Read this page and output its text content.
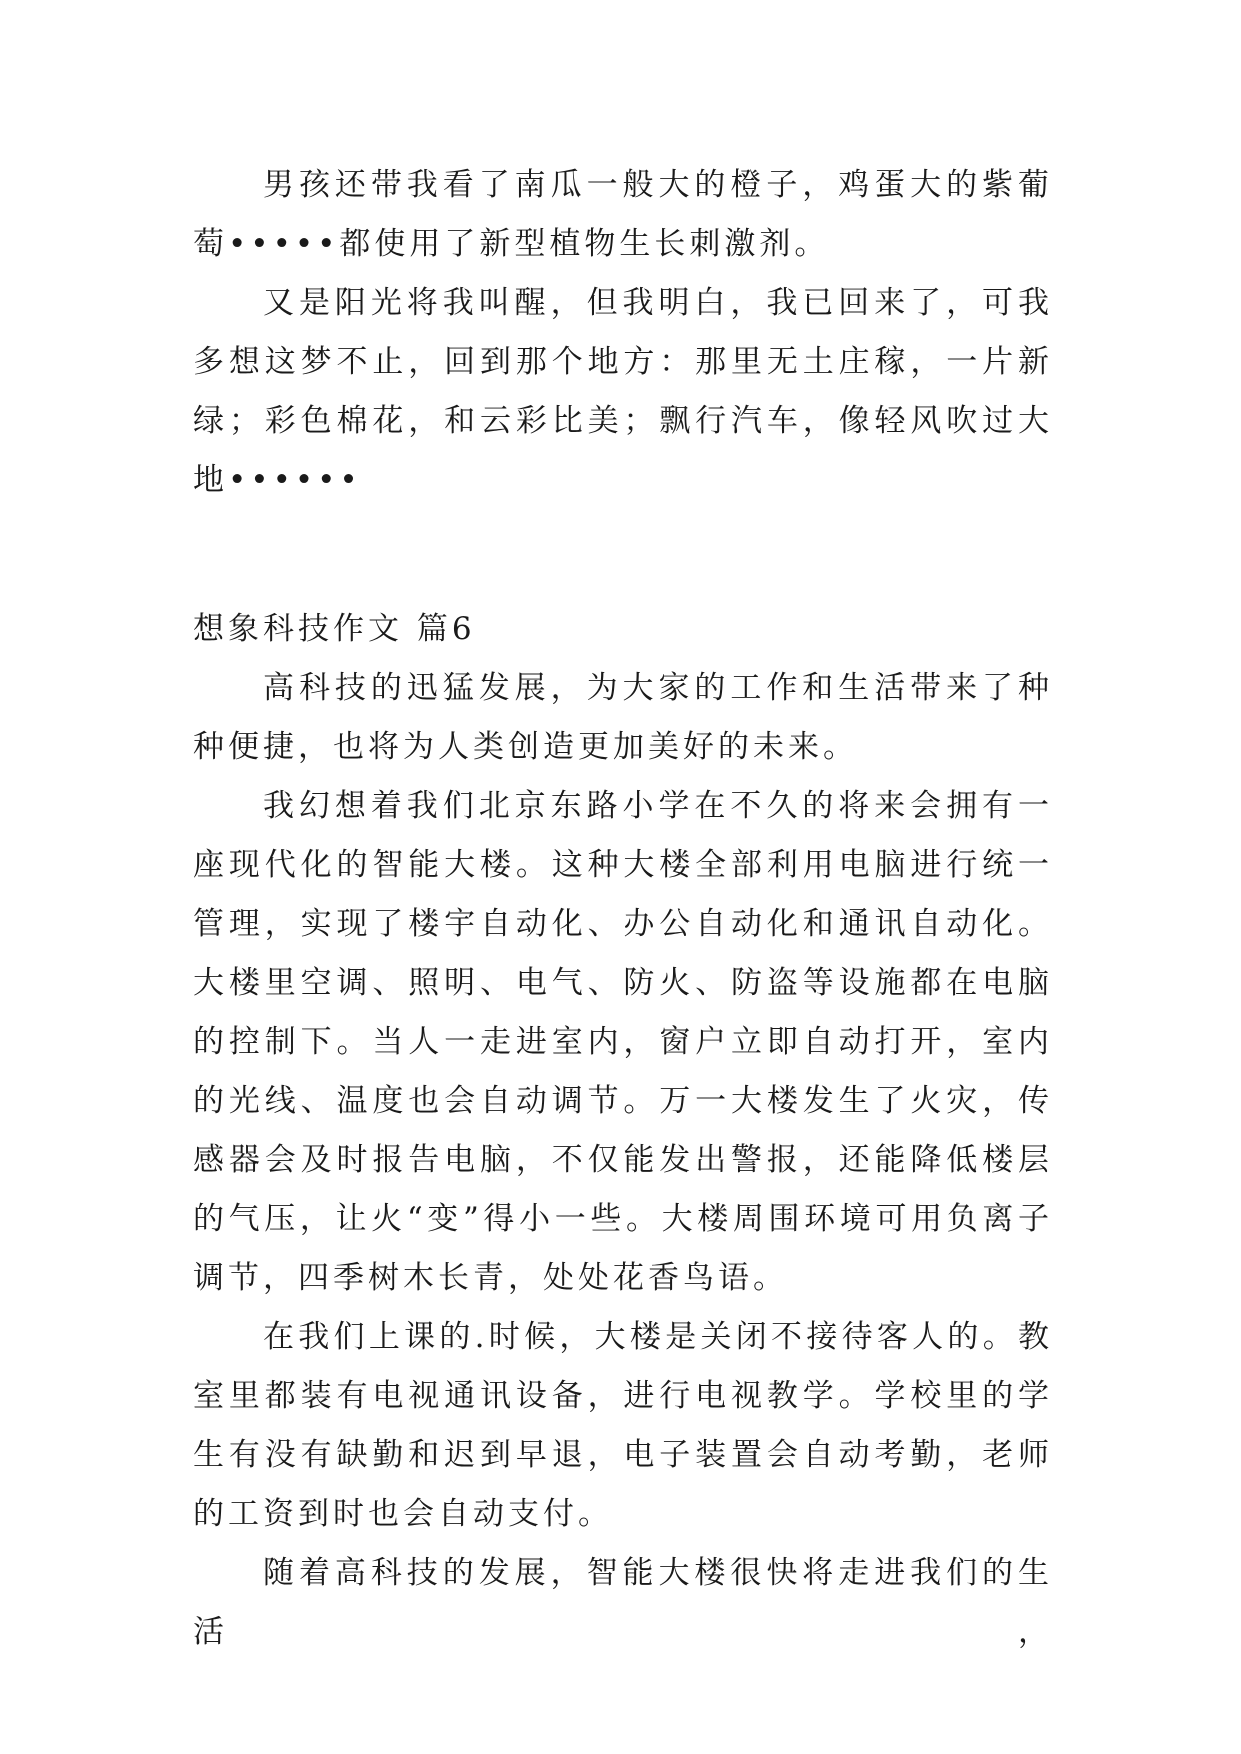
男孩还带我看了南瓜一般大的橙子，鸡蛋大的紫葡萄•••••都使用了新型植物生长刺激剂。

又是阳光将我叫醒，但我明白，我已回来了，可我多想这梦不止，回到那个地方：那里无土庄稼，一片新绿；彩色棉花，和云彩比美；飘行汽车，像轻风吹过大地••••••

想象科技作文 篇6

高科技的迅猛发展，为大家的工作和生活带来了种种便捷，也将为人类创造更加美好的未来。

我幻想着我们北京东路小学在不久的将来会拥有一座现代化的智能大楼。这种大楼全部利用电脑进行统一管理，实现了楼宇自动化、办公自动化和通讯自动化。大楼里空调、照明、电气、防火、防盗等设施都在电脑的控制下。当人一走进室内，窗户立即自动打开，室内的光线、温度也会自动调节。万一大楼发生了火灾，传感器会及时报告电脑，不仅能发出警报，还能降低楼层的气压，让火“变”得小一些。大楼周围环境可用负离子调节，四季树木长青，处处花香鸟语。

在我们上课的.时候，大楼是关闭不接待客人的。教室里都装有电视通讯设备，进行电视教学。学校里的学生有没有缺勤和迟到早退，电子装置会自动考勤，老师的工资到时也会自动支付。

随着高科技的发展，智能大楼很快将走进我们的生活，
